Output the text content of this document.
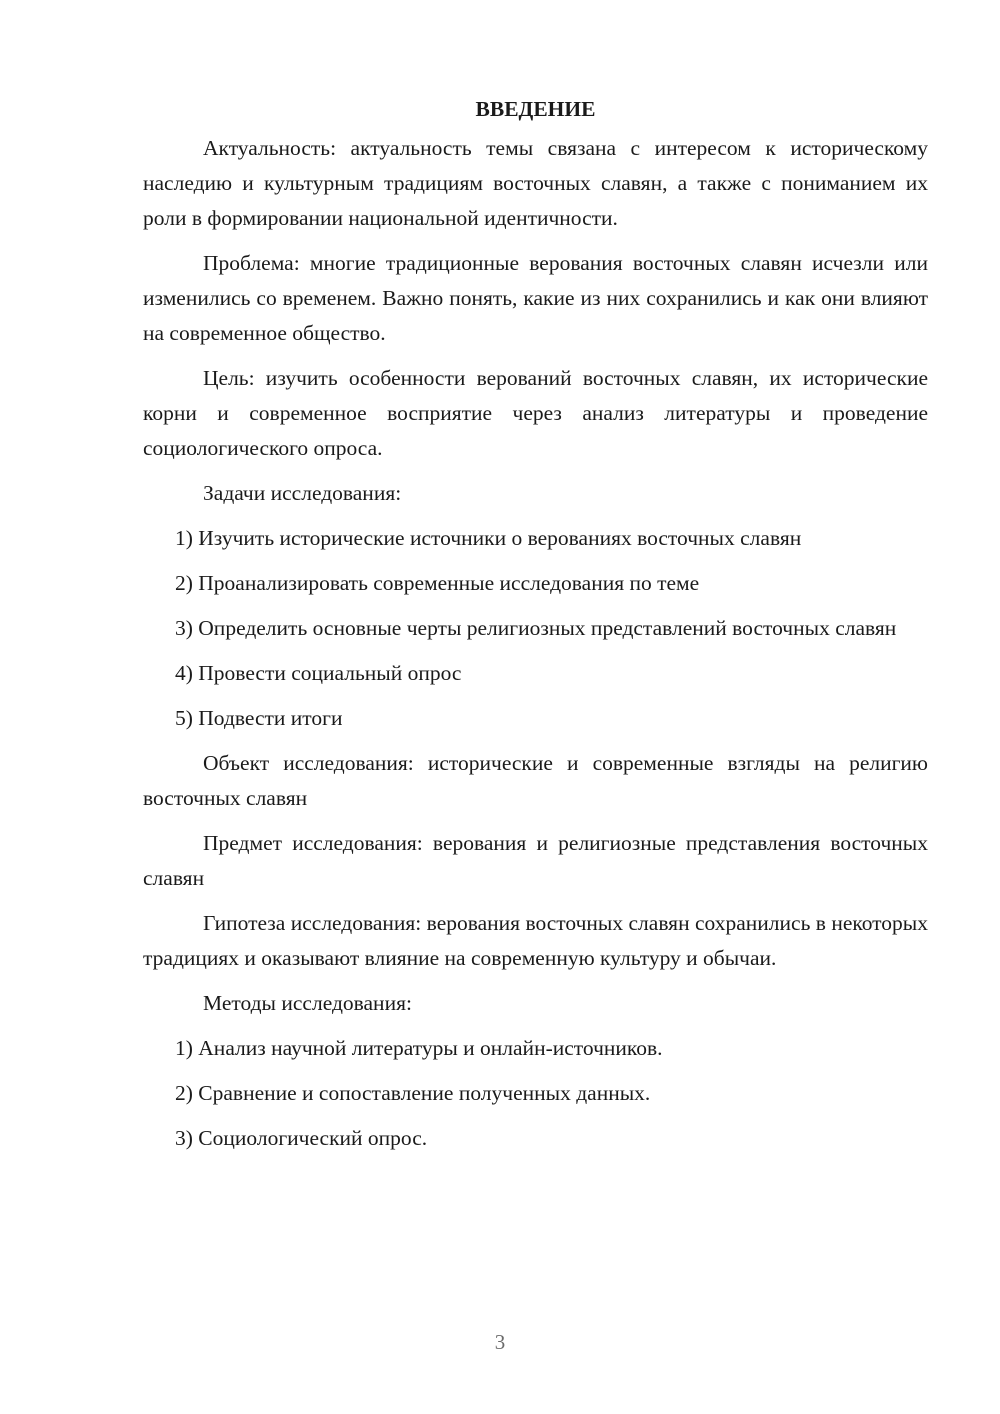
ВВЕДЕНИЕ

Актуальность: актуальность темы связана с интересом к историческому наследию и культурным традициям восточных славян, а также с пониманием их роли в формировании национальной идентичности.

Проблема: многие традиционные верования восточных славян исчезли или изменились со временем. Важно понять, какие из них сохранились и как они влияют на современное общество.

Цель: изучить особенности верований восточных славян, их исторические корни и современное восприятие через анализ литературы и проведение социологического опроса.

Задачи исследования:

1) Изучить исторические источники о верованиях восточных славян

2) Проанализировать современные исследования по теме

3) Определить основные черты религиозных представлений восточных славян

4) Провести социальный опрос

5) Подвести итоги

Объект исследования: исторические и современные взгляды на религию восточных славян

Предмет исследования: верования и религиозные представления восточных славян

Гипотеза исследования: верования восточных славян сохранились в некоторых традициях и оказывают влияние на современную культуру и обычаи.

Методы исследования:

1) Анализ научной литературы и онлайн-источников.

2) Сравнение и сопоставление полученных данных.

3) Социологический опрос.

3
